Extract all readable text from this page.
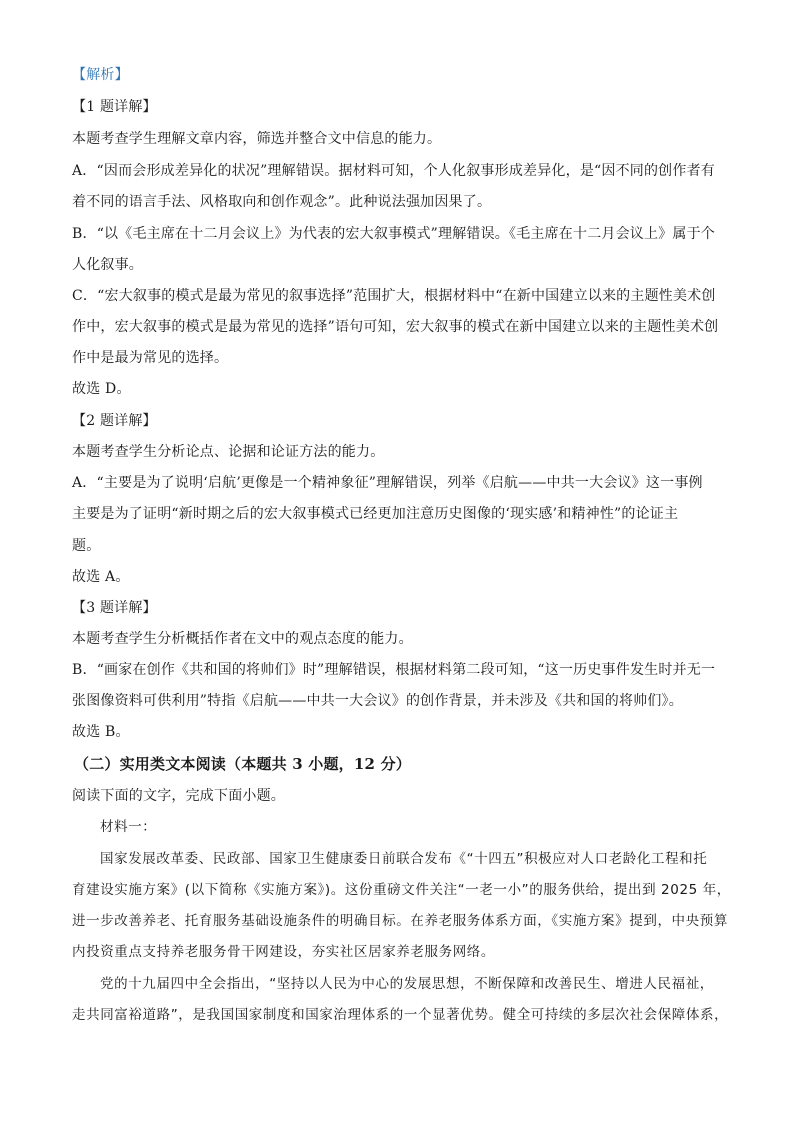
【解析】
【1 题详解】
本题考查学生理解文章内容，筛选并整合文中信息的能力。
A．“因而会形成差异化的状况”理解错误。据材料可知，个人化叙事形成差异化，是“因不同的创作者有
着不同的语言手法、风格取向和创作观念”。此种说法强加因果了。
B．“以《毛主席在十二月会议上》为代表的宏大叙事模式”理解错误。《毛主席在十二月会议上》属于个
人化叙事。
C．“宏大叙事的模式是最为常见的叙事选择”范围扩大，根据材料中“在新中国建立以来的主题性美术创
作中，宏大叙事的模式是最为常见的选择”语句可知，宏大叙事的模式在新中国建立以来的主题性美术创
作中是最为常见的选择。
故选 D。
【2 题详解】
本题考查学生分析论点、论据和论证方法的能力。
A．“主要是为了说明‘启航’更像是一个精神象征”理解错误，列举《启航——中共一大会议》这一事例
主要是为了证明“新时期之后的宏大叙事模式已经更加注意历史图像的‘现实感’和精神性”的论证主
题。
故选 A。
【3 题详解】
本题考查学生分析概括作者在文中的观点态度的能力。
B．“画家在创作《共和国的将帅们》时”理解错误，根据材料第二段可知，“这一历史事件发生时并无一
张图像资料可供利用”特指《启航——中共一大会议》的创作背景，并未涉及《共和国的将帅们》。
故选 B。
（二）实用类文本阅读（本题共 3 小题，12 分）
阅读下面的文字，完成下面小题。
材料一：
国家发展改革委、民政部、国家卫生健康委日前联合发布《“十四五”积极应对人口老龄化工程和托
育建设实施方案》(以下简称《实施方案》)。这份重磅文件关注“一老一小”的服务供给，提出到 2025 年，
进一步改善养老、托育服务基础设施条件的明确目标。在养老服务体系方面，《实施方案》提到，中央预算
内投资重点支持养老服务骨干网建设，夯实社区居家养老服务网络。
党的十九届四中全会指出，“坚持以人民为中心的发展思想，不断保障和改善民生、增进人民福祉，
走共同富裕道路”，是我国国家制度和国家治理体系的一个显著优势。健全可持续的多层次社会保障体系，
